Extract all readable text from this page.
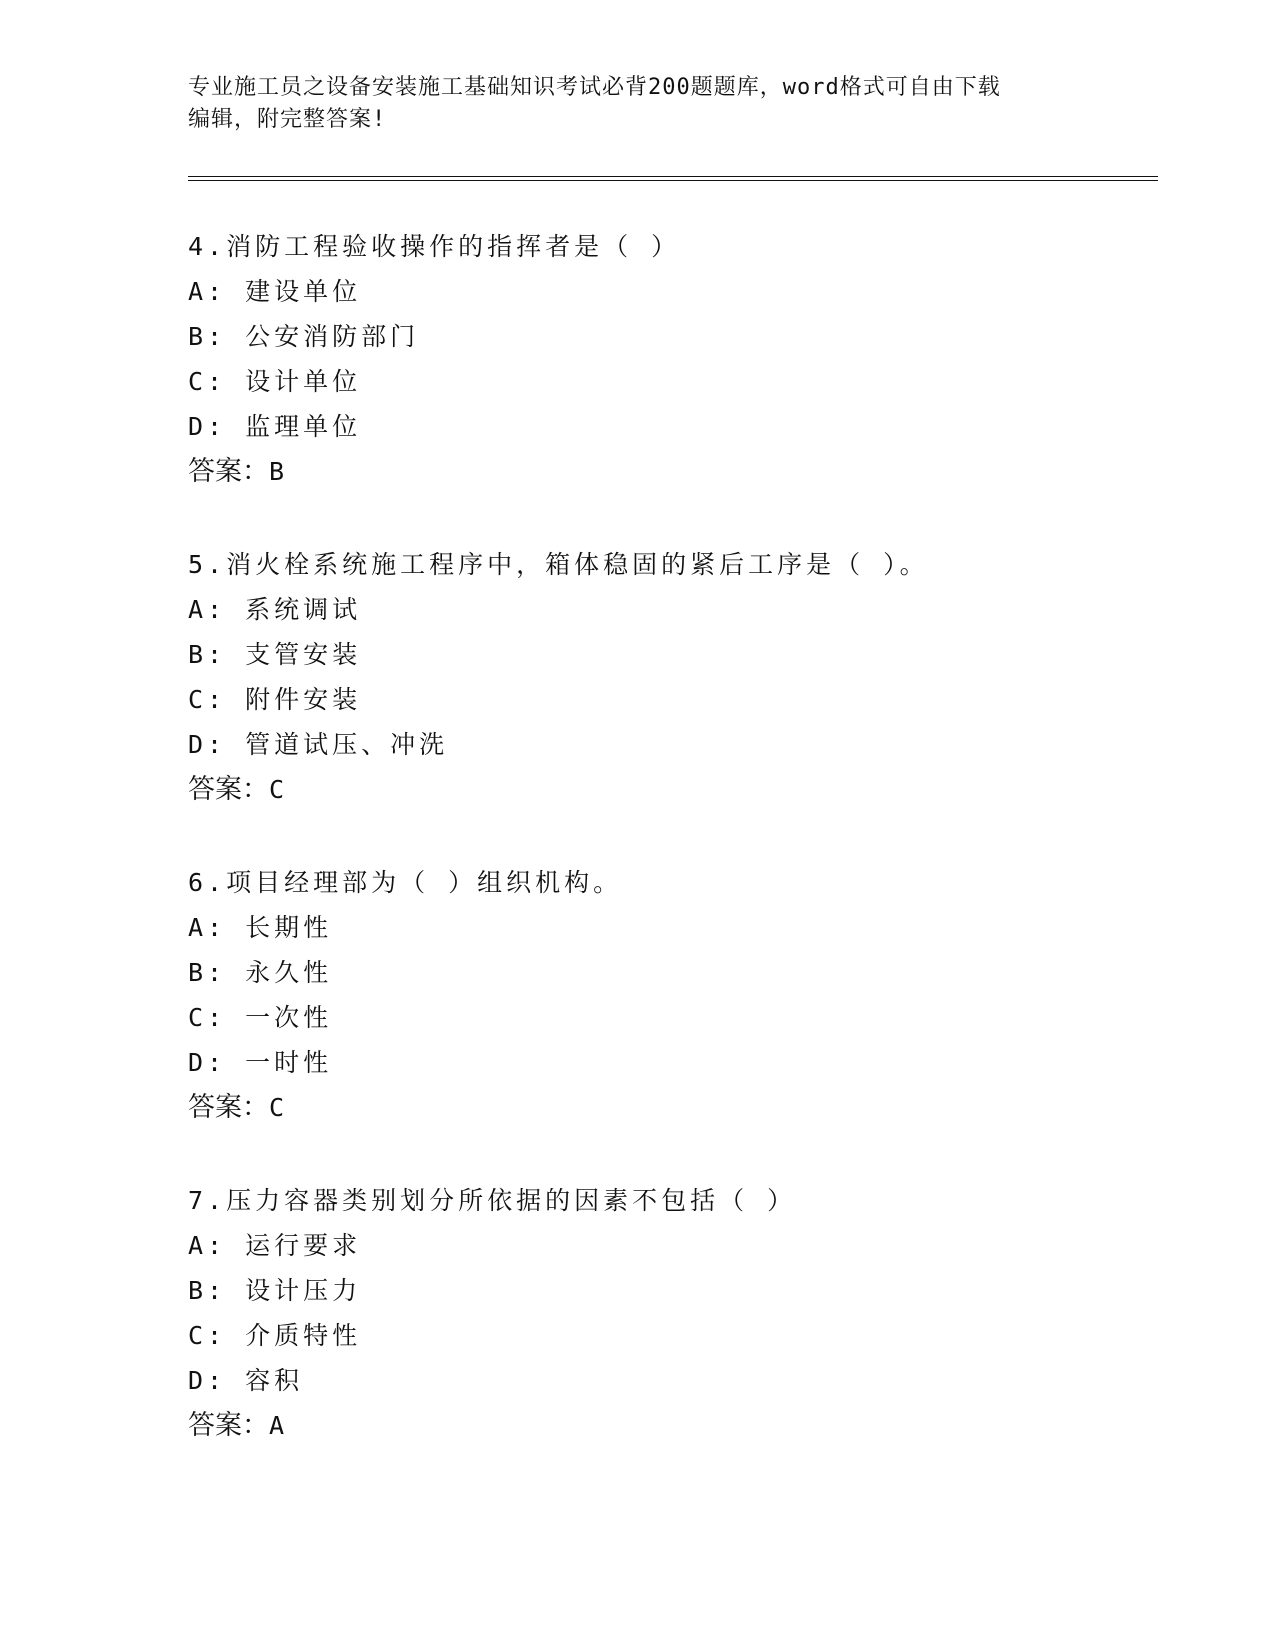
专业施工员之设备安装施工基础知识考试必背200题题库，word格式可自由下载

编辑，附完整答案!

4.消防工程验收操作的指挥者是（ ）
A: 建设单位
B: 公安消防部门
C: 设计单位
D: 监理单位
答案：B
5.消火栓系统施工程序中，箱体稳固的紧后工序是（ ）。
A: 系统调试
B: 支管安装
C: 附件安装
D: 管道试压、冲洗
答案：C
6.项目经理部为（ ）组织机构。
A: 长期性
B: 永久性
C: 一次性
D: 一时性
答案：C
7.压力容器类别划分所依据的因素不包括（ ）
A: 运行要求
B: 设计压力
C: 介质特性
D: 容积
答案：A
